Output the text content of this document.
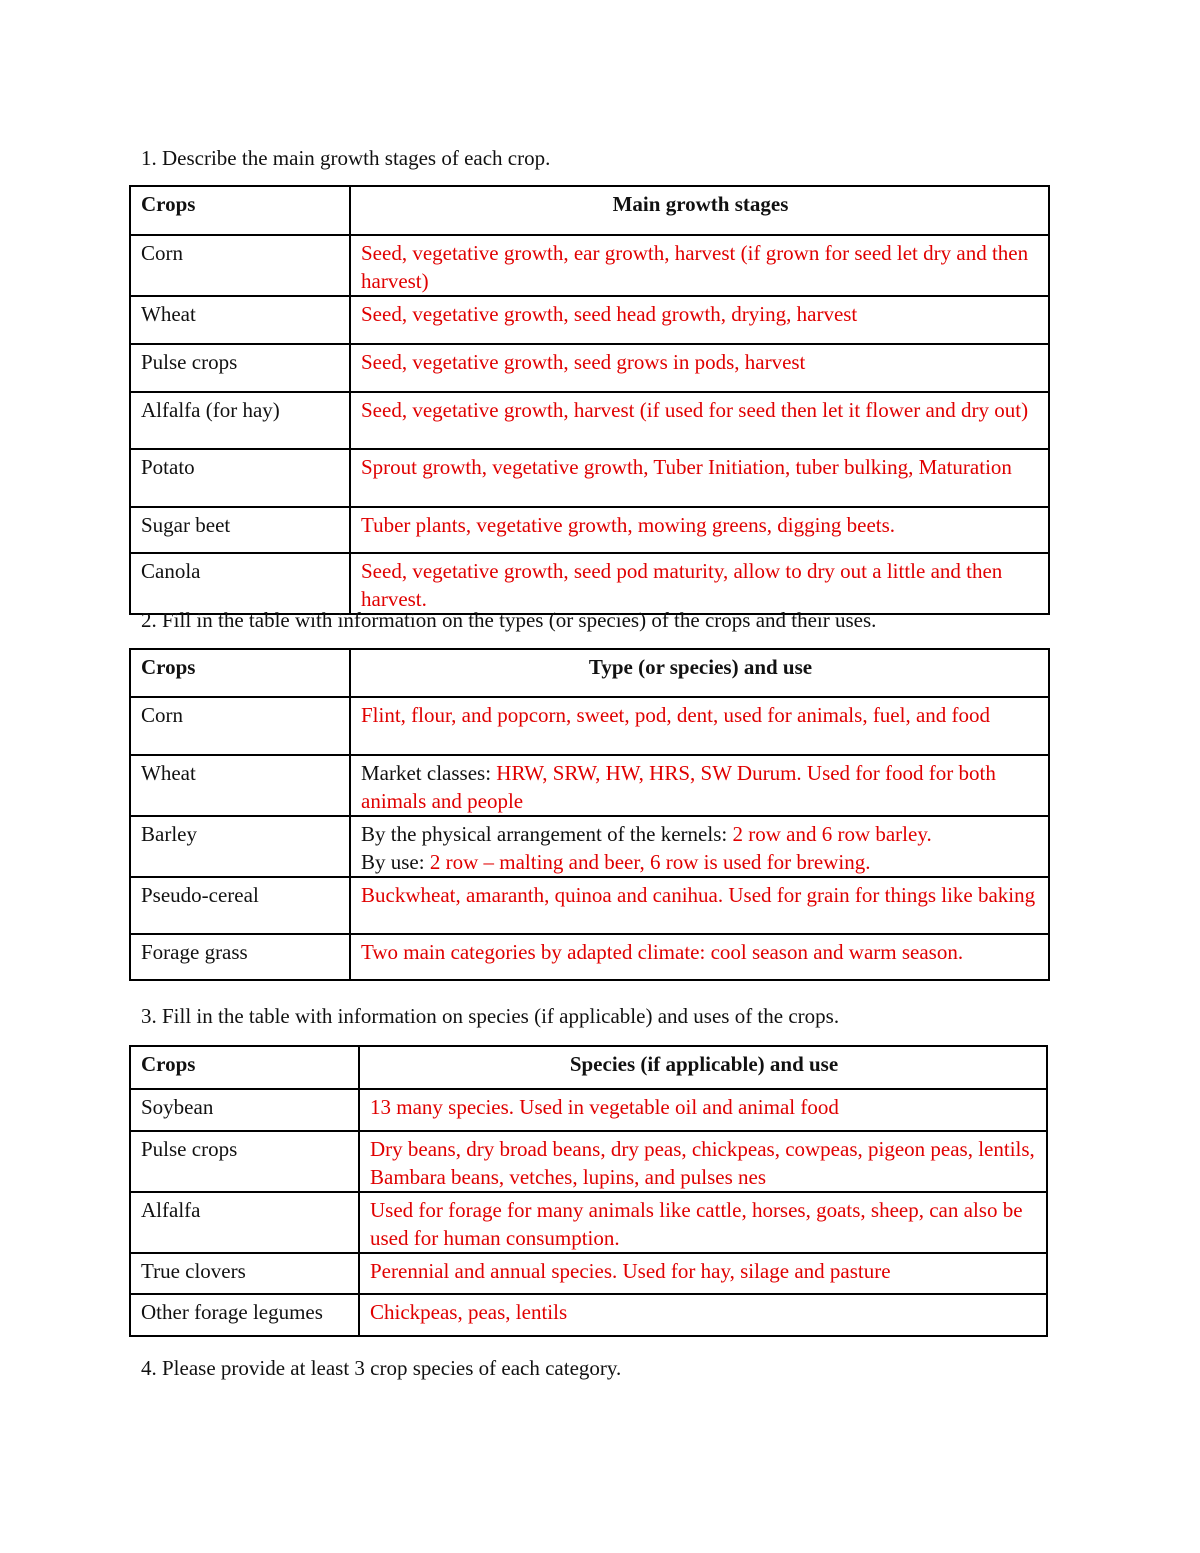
1. Describe the main growth stages of each crop.

Crops	Main growth stages
Corn	Seed, vegetative growth, ear growth, harvest (if grown for seed let dry and then harvest)
Wheat	Seed, vegetative growth, seed head growth, drying, harvest
Pulse crops	Seed, vegetative growth, seed grows in pods, harvest
Alfalfa (for hay)	Seed, vegetative growth, harvest (if used for seed then let it flower and dry out)
Potato	Sprout growth, vegetative growth, Tuber Initiation, tuber bulking, Maturation
Sugar beet	Tuber plants, vegetative growth, mowing greens, digging beets.
Canola	Seed, vegetative growth, seed pod maturity, allow to dry out a little and then harvest.

2. Fill in the table with information on the types (or species) of the crops and their uses.

Crops	Type (or species) and use
Corn	Flint, flour, and popcorn, sweet, pod, dent, used for animals, fuel, and food
Wheat	Market classes: HRW, SRW, HW, HRS, SW Durum. Used for food for both animals and people
Barley	By the physical arrangement of the kernels: 2 row and 6 row barley.
By use: 2 row – malting and beer, 6 row is used for brewing.
Pseudo-cereal	Buckwheat, amaranth, quinoa and canihua. Used for grain for things like baking
Forage grass	Two main categories by adapted climate: cool season and warm season.

3. Fill in the table with information on species (if applicable) and uses of the crops.

Crops	Species (if applicable) and use
Soybean	13 many species. Used in vegetable oil and animal food
Pulse crops	Dry beans, dry broad beans, dry peas, chickpeas, cowpeas, pigeon peas, lentils, Bambara beans, vetches, lupins, and pulses nes
Alfalfa	Used for forage for many animals like cattle, horses, goats, sheep, can also be used for human consumption.
True clovers	Perennial and annual species. Used for hay, silage and pasture
Other forage legumes	Chickpeas, peas, lentils

4. Please provide at least 3 crop species of each category.
